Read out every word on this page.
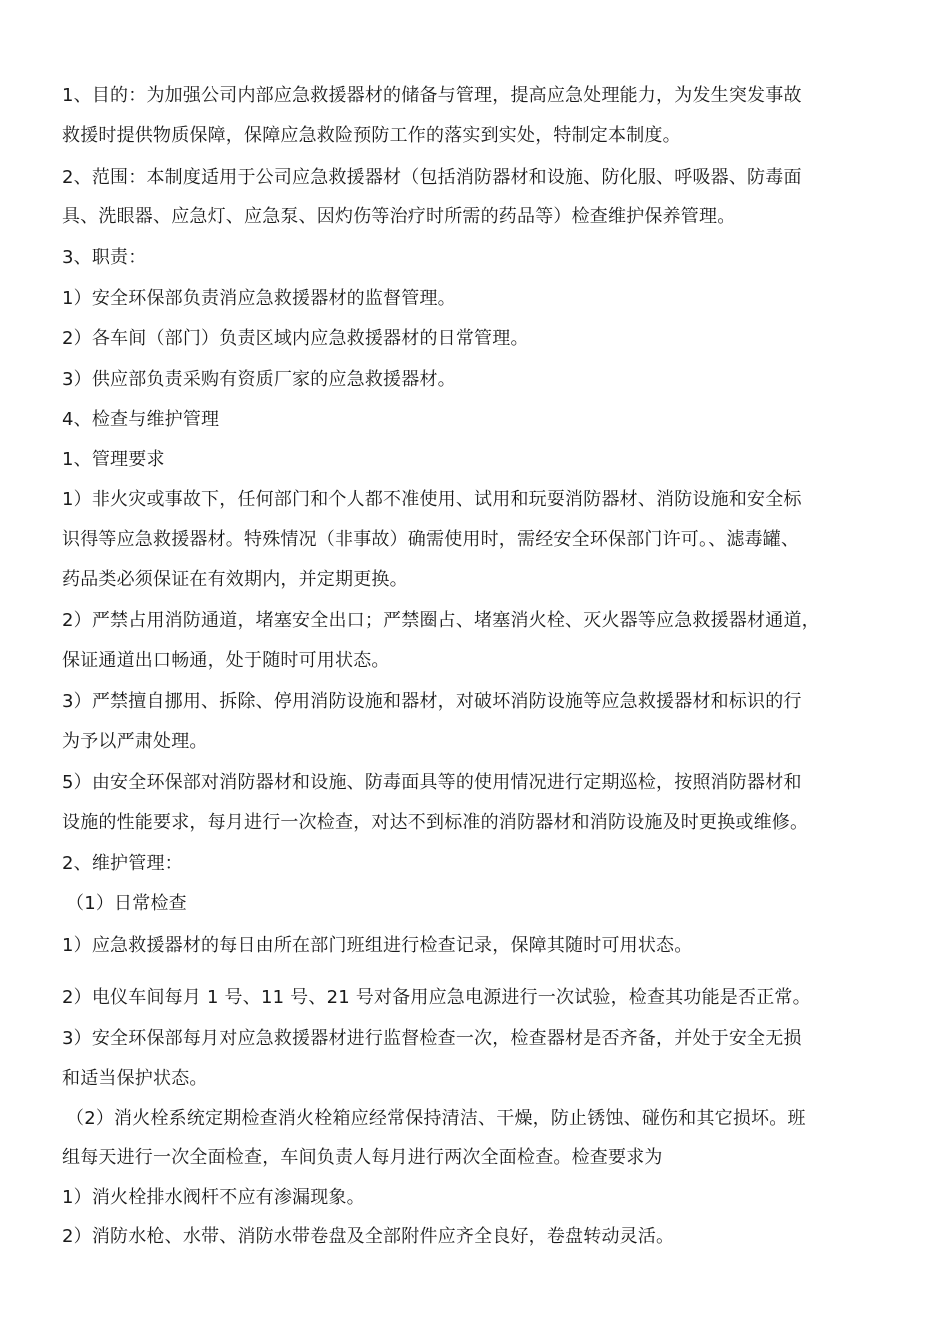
1、目的：为加强公司内部应急救援器材的储备与管理，提高应急处理能力，为发生突发事故
救援时提供物质保障，保障应急救险预防工作的落实到实处，特制定本制度。
2、范围：本制度适用于公司应急救援器材（包括消防器材和设施、防化服、呼吸器、防毒面
具、洗眼器、应急灯、应急泵、因灼伤等治疗时所需的药品等）检查维护保养管理。
3、职责：
1）安全环保部负责消应急救援器材的监督管理。
2）各车间（部门）负责区域内应急救援器材的日常管理。
3）供应部负责采购有资质厂家的应急救援器材。
4、检查与维护管理
1、管理要求
1）非火灾或事故下，任何部门和个人都不准使用、试用和玩耍消防器材、消防设施和安全标
识得等应急救援器材。特殊情况（非事故）确需使用时，需经安全环保部门许可。、滤毒罐、
药品类必须保证在有效期内，并定期更换。
2）严禁占用消防通道，堵塞安全出口；严禁圈占、堵塞消火栓、灭火器等应急救援器材通道，
保证通道出口畅通，处于随时可用状态。
3）严禁擅自挪用、拆除、停用消防设施和器材，对破坏消防设施等应急救援器材和标识的行
为予以严肃处理。
5）由安全环保部对消防器材和设施、防毒面具等的使用情况进行定期巡检，按照消防器材和
设施的性能要求，每月进行一次检查，对达不到标准的消防器材和消防设施及时更换或维修。
2、维护管理：
（1）日常检查
1）应急救援器材的每日由所在部门班组进行检查记录，保障其随时可用状态。
2）电仪车间每月 1 号、11 号、21 号对备用应急电源进行一次试验，检查其功能是否正常。
3）安全环保部每月对应急救援器材进行监督检查一次，检查器材是否齐备，并处于安全无损
和适当保护状态。
（2）消火栓系统定期检查消火栓箱应经常保持清洁、干燥，防止锈蚀、碰伤和其它损坏。班
组每天进行一次全面检查，车间负责人每月进行两次全面检查。检查要求为
1）消火栓排水阀杆不应有渗漏现象。
2）消防水枪、水带、消防水带卷盘及全部附件应齐全良好，卷盘转动灵活。
